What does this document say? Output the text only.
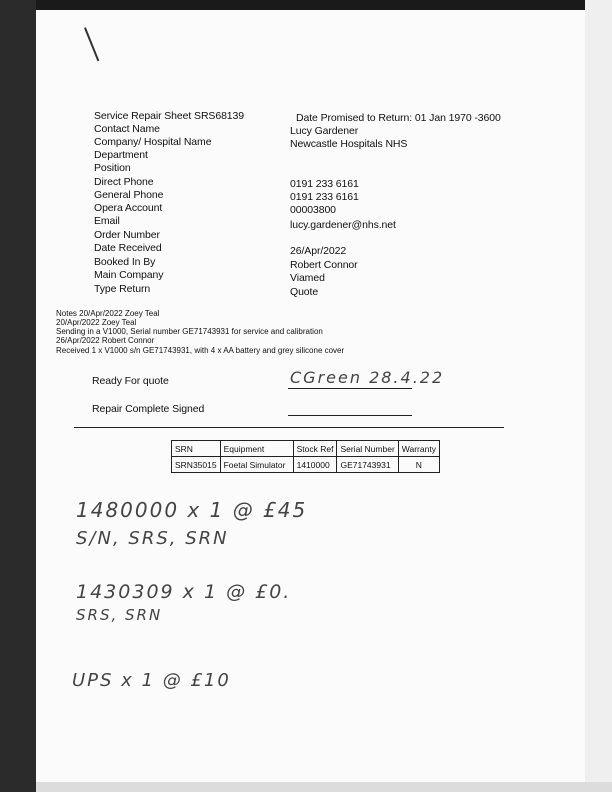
Service Repair Sheet SRS68139	Date Promised to Return: 01 Jan 1970 -3600
Contact Name	Lucy Gardener
Company/ Hospital Name	Newcastle Hospitals NHS
Department
Position
Direct Phone	0191 233 6161
General Phone	0191 233 6161
Opera Account	00003800
Email	lucy.gardener@nhs.net
Order Number
Date Received	26/Apr/2022
Booked In By	Robert Connor
Main Company	Viamed
Type Return	Quote
Notes 20/Apr/2022 Zoey Teal
20/Apr/2022 Zoey Teal
Sending in a V1000, Serial number GE71743931 for service and calibration
26/Apr/2022 Robert Connor
Received 1 x V1000 s/n GE71743931, with 4 x AA battery and grey silicone cover
Ready For quote	CGreen 28.4.22
Repair Complete Signed
SRN	Equipment	Stock Ref	Serial Number	Warranty
SRN35015	Foetal Simulator	1410000	GE71743931	N
1480000 x 1 @ £45
S/N, SRS, SRN
1430309 x 1 @ £0.
SRS, SRN
UPS x 1 @ £10
